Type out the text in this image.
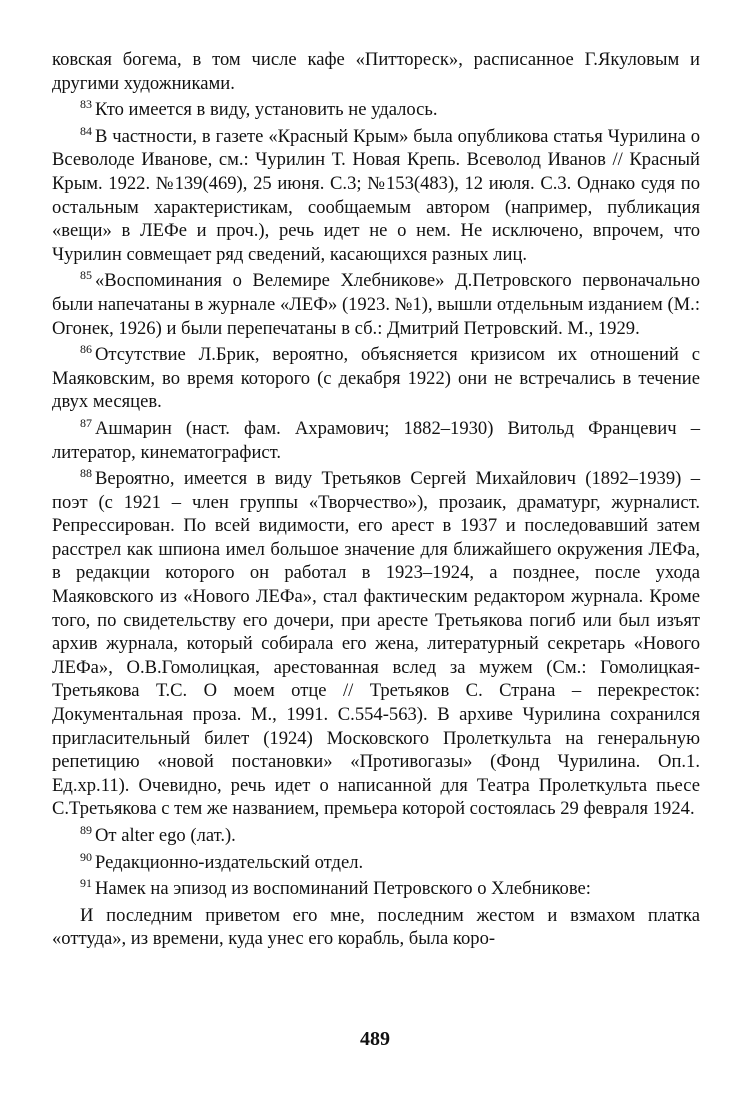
ковская богема, в том числе кафе «Питтореск», расписанное Г.Якуловым и другими художниками.

$^{83}$ Кто имеется в виду, установить не удалось.

$^{84}$ В частности, в газете «Красный Крым» была опубликова статья Чурилина о Всеволоде Иванове, см.: Чурилин Т. Новая Крепь. Всеволод Иванов // Красный Крым. 1922. №139(469), 25 июня. С.3; №153(483), 12 июля. С.3. Однако судя по остальным характеристикам, сообщаемым автором (например, публикация «вещи» в ЛЕФе и проч.), речь идет не о нем. Не исключено, впрочем, что Чурилин совмещает ряд сведений, касающихся разных лиц.

$^{85}$ «Воспоминания о Велемире Хлебникове» Д.Петровского первоначально были напечатаны в журнале «ЛЕФ» (1923. №1), вышли отдельным изданием (М.: Огонек, 1926) и были перепечатаны в сб.: Дмитрий Петровский. М., 1929.

$^{86}$ Отсутствие Л.Брик, вероятно, объясняется кризисом их отношений с Маяковским, во время которого (с декабря 1922) они не встречались в течение двух месяцев.

$^{87}$ Ашмарин (наст. фам. Ахрамович; 1882–1930) Витольд Францевич –литератор, кинематографист.

$^{88}$ Вероятно, имеется в виду Третьяков Сергей Михайлович (1892–1939) – поэт (с 1921 – член группы «Творчество»), прозаик, драматург, журналист. Репрессирован. По всей видимости, его арест в 1937 и последовавший затем расстрел как шпиона имел большое значение для ближайшего окружения ЛЕФа, в редакции которого он работал в 1923–1924, а позднее, после ухода Маяковского из «Нового ЛЕФа», стал фактическим редактором журнала. Кроме того, по свидетельству его дочери, при аресте Третьякова погиб или был изъят архив журнала, который собирала его жена, литературный секретарь «Нового ЛЕФа», О.В.Гомолицкая, арестованная вслед за мужем (См.: Гомолицкая-Третьякова Т.С. О моем отце // Третьяков С. Страна – перекресток: Документальная проза. М., 1991. С.554-563). В архиве Чурилина сохранился пригласительный билет (1924) Московского Пролеткульта на генеральную репетицию «новой постановки» «Противогазы» (Фонд Чурилина. Оп.1. Ед.хр.11). Очевидно, речь идет о написанной для Театра Пролеткульта пьесе С.Третьякова с тем же названием, премьера которой состоялась 29 февраля 1924.

$^{89}$ От alter ego (лат.).

$^{90}$ Редакционно-издательский отдел.

$^{91}$ Намек на эпизод из воспоминаний Петровского о Хлебникове:

И последним приветом его мне, последним жестом и взмахом платка «оттуда», из времени, куда унес его корабль, была коро-

489
